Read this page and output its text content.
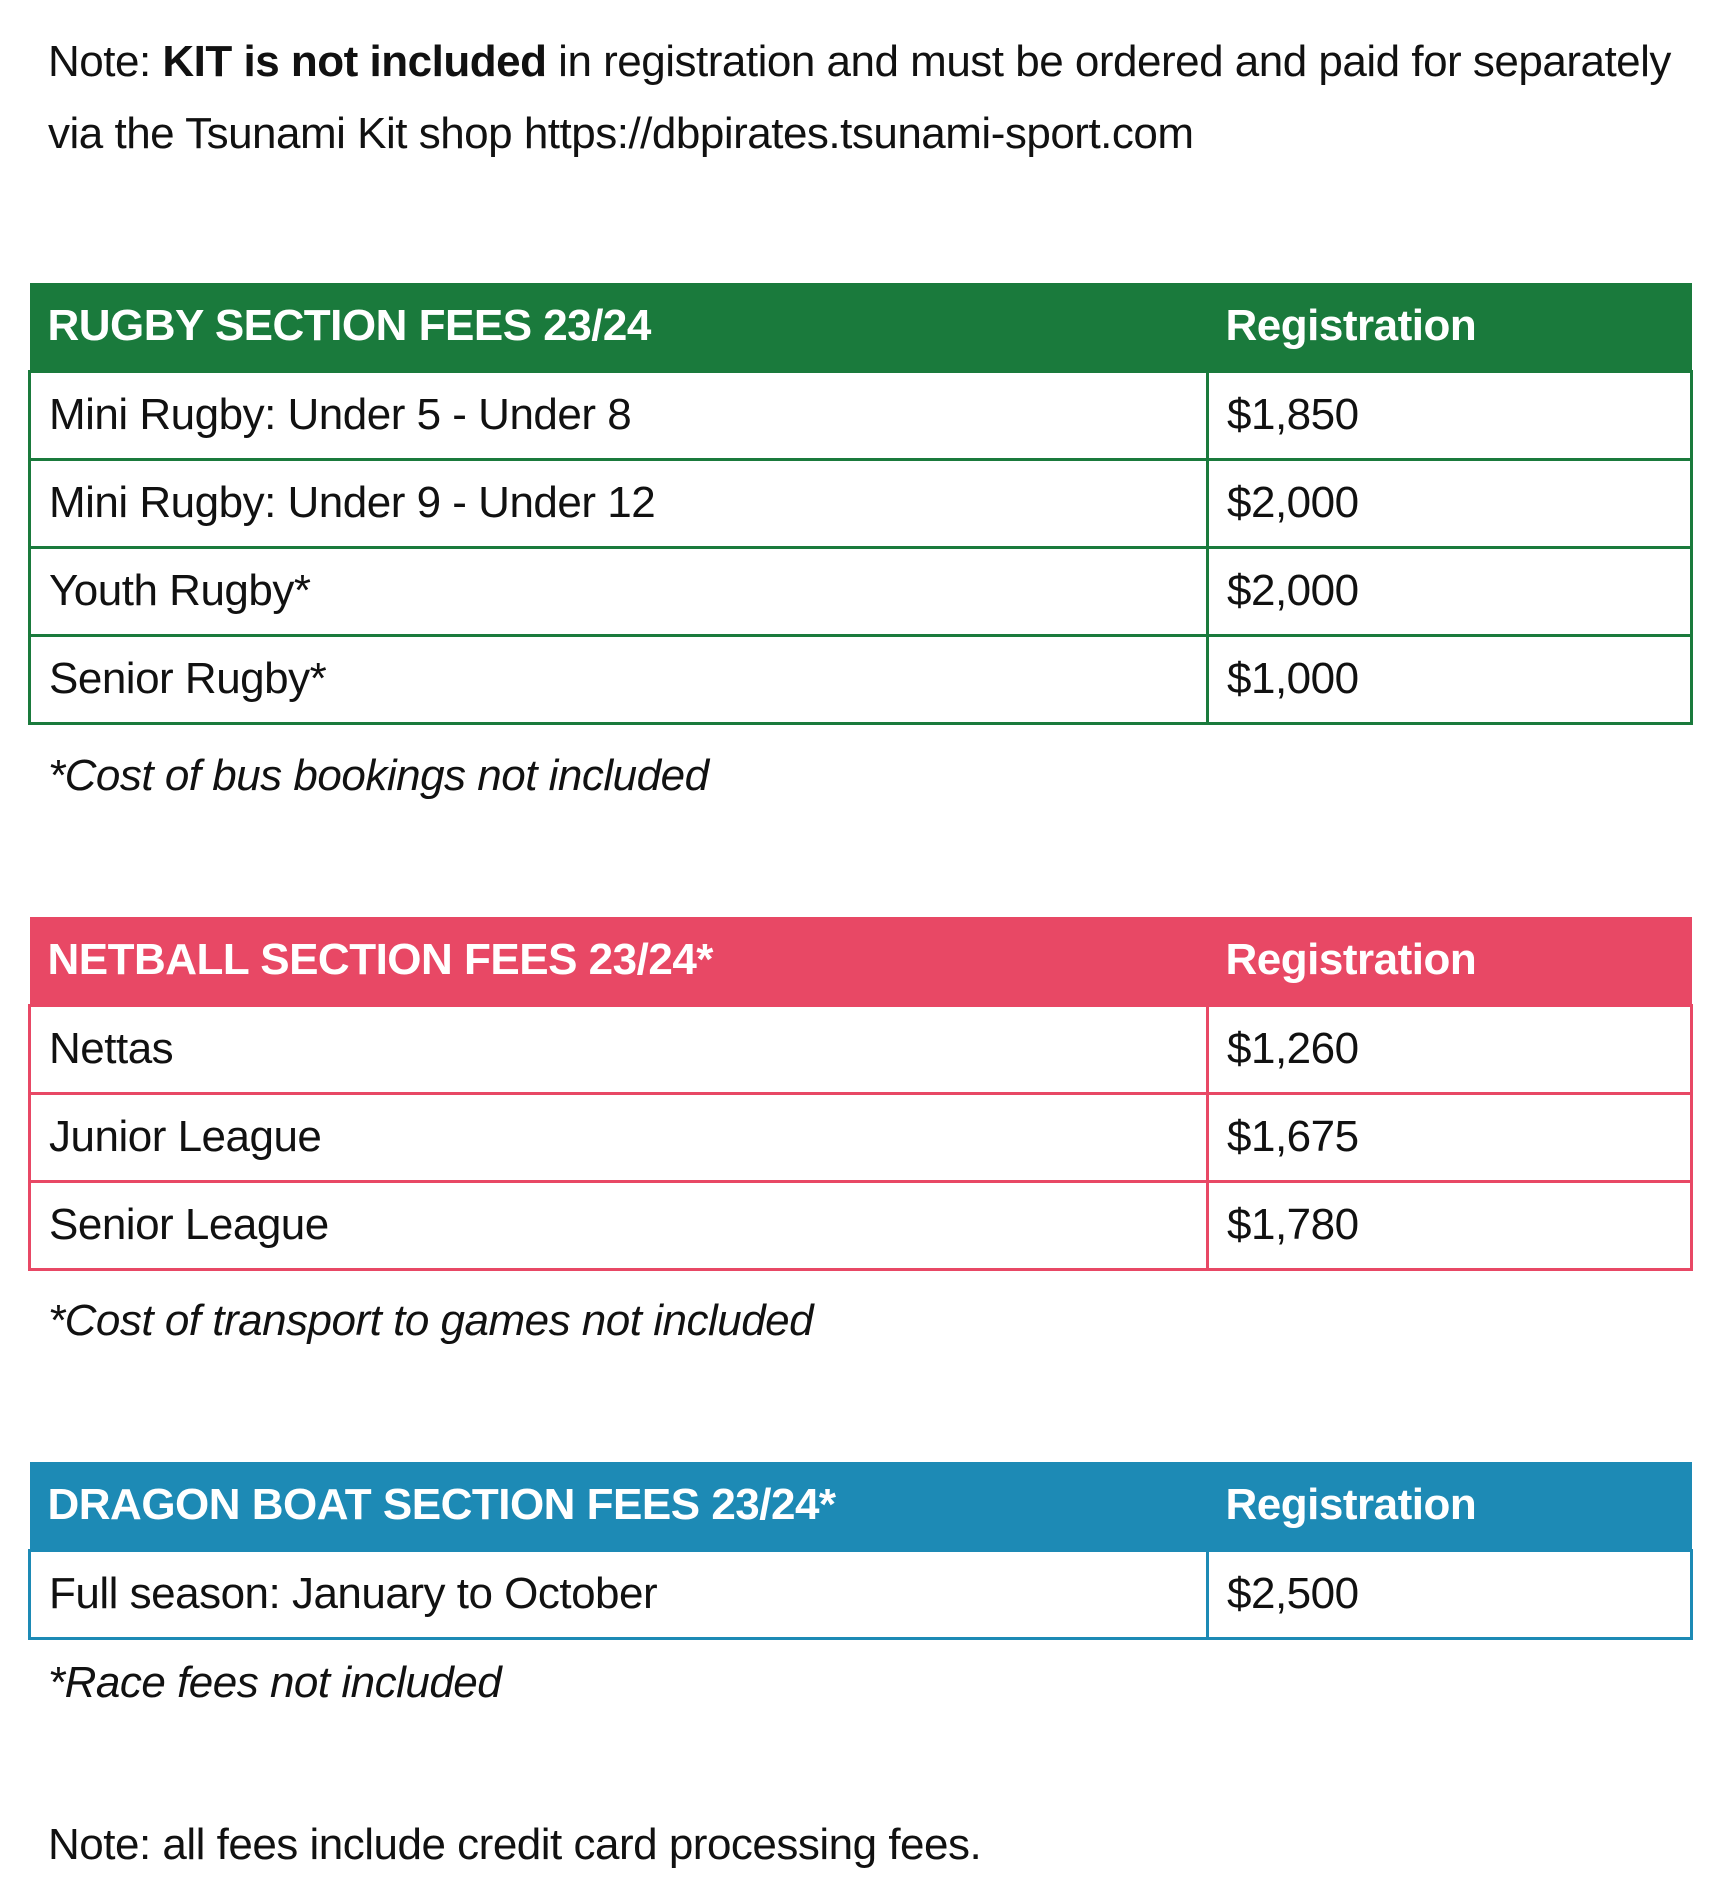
Note: KIT is not included in registration and must be ordered and paid for separately via the Tsunami Kit shop https://dbpirates.tsunami-sport.com
RUGBY SECTION FEES 23/24	Registration
Mini Rugby: Under 5 - Under 8	$1,850
Mini Rugby: Under 9 - Under 12	$2,000
Youth Rugby*	$2,000
Senior Rugby*	$1,000
*Cost of bus bookings not included
NETBALL SECTION FEES 23/24*	Registration
Nettas	$1,260
Junior League	$1,675
Senior League	$1,780
*Cost of transport to games not included
DRAGON BOAT SECTION FEES 23/24*	Registration
Full season: January to October	$2,500
*Race fees not included
Note: all fees include credit card processing fees.
